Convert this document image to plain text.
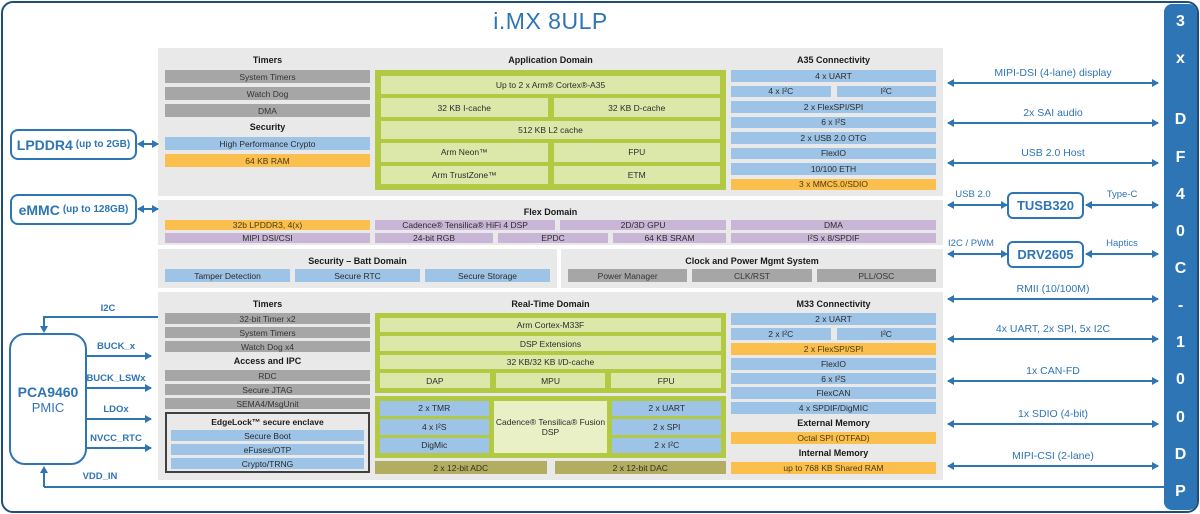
i.MX 8ULP
Timers
System Timers
Watch Dog
DMA
Security
High Performance Crypto
64 KB RAM
Application Domain
Up to 2 x Arm® Cortex®-A35
32 KB I-cache	32 KB D-cache
512 KB L2 cache
Arm Neon™	FPU
Arm TrustZone™	ETM
A35 Connectivity
4 x UART
4 x I²C	I²C
2 x FlexSPI/SPI
6 x I²S
2 x USB 2.0 OTG
FlexIO
10/100 ETH
3 x MMC5.0/SDIO
Flex Domain
32b LPDDR3, 4(x)	Cadence® Tensilica® HiFi 4 DSP	2D/3D GPU	DMA
MIPI DSI/CSI	24-bit RGB	EPDC	64 KB SRAM	I²S x 8/SPDIF
Security – Batt Domain
Tamper Detection	Secure RTC	Secure Storage
Clock and Power Mgmt System
Power Manager	CLK/RST	PLL/OSC
Timers
32-bit Timer x2
System Timers
Watch Dog x4
Access and IPC
RDC
Secure JTAG
SEMA4/MsgUnit
EdgeLock™ secure enclave
Secure Boot
eFuses/OTP
Crypto/TRNG
Real-Time Domain
Arm Cortex-M33F
DSP Extensions
32 KB/32 KB I/D-cache
DAP	MPU	FPU
2 x TMR
4 x I²S
DigMic
Cadence® Tensilica® Fusion DSP
2 x UART
2 x SPI
2 x I²C
2 x 12-bit ADC	2 x 12-bit DAC
M33 Connectivity
2 x UART
2 x I²C	I²C
2 x FlexSPI/SPI
FlexIO
6 x I²S
FlexCAN
4 x SPDIF/DigMIC
External Memory
Octal SPI (OTFAD)
Internal Memory
up to 768 KB Shared RAM
LPDDR4 (up to 2GB)
eMMC (up to 128GB)
PCA9460
PMIC
I2C
BUCK_x
BUCK_LSWx
LDOx
NVCC_RTC
VDD_IN
MIPI-DSI (4-lane) display
2x SAI audio
USB 2.0 Host
USB 2.0
TUSB320
Type-C
I2C / PWM
DRV2605
Haptics
RMII (10/100M)
4x UART, 2x SPI, 5x I2C
1x CAN-FD
1x SDIO (4-bit)
MIPI-CSI (2-lane)
3
x
D
F
4
0
C
-
1
0
0
D
P
